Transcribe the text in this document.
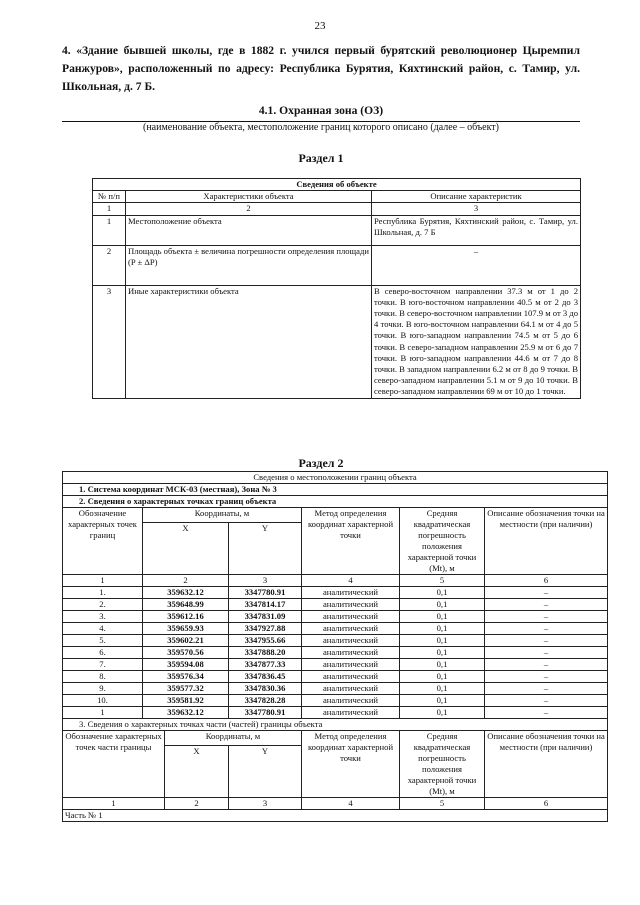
23
4. «Здание бывшей школы, где в 1882 г. учился первый бурятский революционер Цыремпил Ранжуров», расположенный по адресу: Республика Бурятия, Кяхтинский район, с. Тамир, ул. Школьная, д. 7 Б.
4.1. Охранная зона (ОЗ)
(наименование объекта, местоположение границ которого описано (далее – объект)
Раздел 1
Сведения об объекте		
№ п/п	Характеристики объекта	Описание характеристик
1	2	3
1	Местоположение объекта	Республика Бурятия, Кяхтинский район, с. Тамир, ул. Школьная, д. 7 Б
2	Площадь объекта ± величина погрешности определения площади (P ± ΔP)	–
3	Иные характеристики объекта	В северо-восточном направлении 37.3 м от 1 до 2 точки. В юго-восточном направлении 40.5 м от 2 до 3 точки. В северо-восточном направлении 107.9 м от 3 до 4 точки. В юго-восточном направлении 64.1 м от 4 до 5 точки. В юго-западном направлении 74.5 м от 5 до 6 точки. В северо-западном направлении 25.9 м от 6 до 7 точки. В юго-западном направлении 44.6 м от 7 до 8 точки. В западном направлении 6.2 м от 8 до 9 точки. В северо-западном направлении 5.1 м от 9 до 10 точки. В северо-западном направлении 69 м от 10 до 1 точки.
Раздел 2
Сведения о местоположении границ объекта						
1. Система координат МСК-03 (местная), Зона № 3						
2. Сведения о характерных точках границ объекта						
Обозначение характерных точек границ	Координаты, м			Метод определения координат характерной точки	Средняя квадратическая погрешность положения характерной точки (Mt), м	Описание обозначения точки на местности (при наличии)
	X		Y			
1	2		3	4	5	6
1.	359632.12		3347780.91	аналитический	0,1	–
2.	359648.99		3347814.17	аналитический	0,1	–
3.	359612.16		3347831.09	аналитический	0,1	–
4.	359659.93		3347927.88	аналитический	0,1	–
5.	359602.21		3347955.66	аналитический	0,1	–
6.	359570.56		3347888.20	аналитический	0,1	–
7.	359594.08		3347877.33	аналитический	0,1	–
8.	359576.34		3347836.45	аналитический	0,1	–
9.	359577.32		3347830.36	аналитический	0,1	–
10.	359581.92		3347828.28	аналитический	0,1	–
1	359632.12		3347780.91	аналитический	0,1	–
3. Сведения о характерных точках части (частей) границы объекта						
Обозначение характерных точек части границы		Координаты, м		Метод определения координат характерной точки	Средняя квадратическая погрешность положения характерной точки (Mt), м	Описание обозначения точки на местности (при наличии)
		X	Y			
1		2	3	4	5	6
Часть № 1						
